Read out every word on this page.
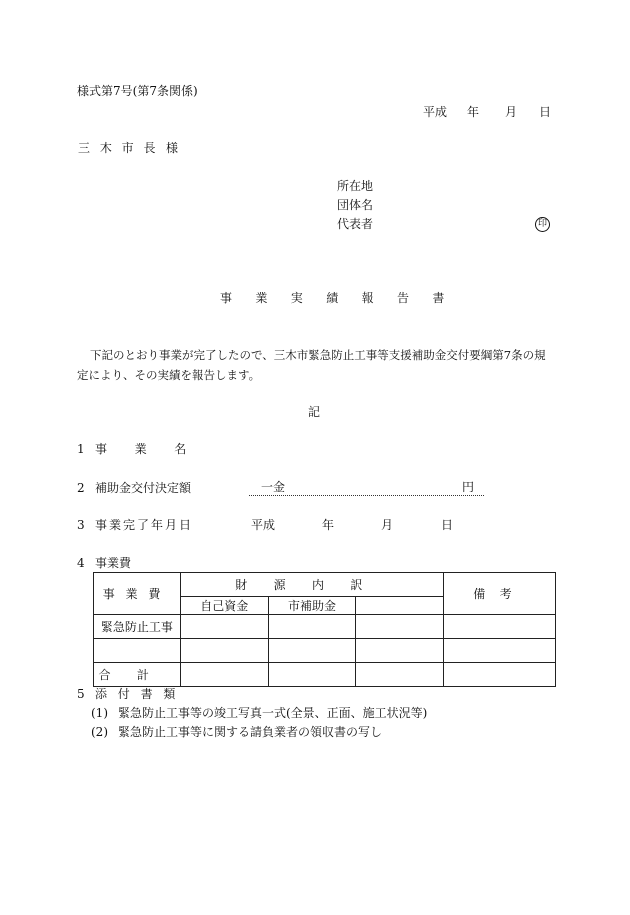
様式第7号(第7条関係)
平成 年 月 日
三 木 市 長 様
所在地
団体名
代表者	印
事業実績報告書
下記のとおり事業が完了したので、三木市緊急防止工事等支援補助金交付要綱第7条の規
定により、その実績を報告します。
記
1 事業名
2 補助金交付決定額	一金	円
3 事業完了年月日	平成	年	月	日
4 事業費
事業費	財源内訳			備考
	自己資金	市補助金		
緊急防止工事				

合計				
5 添付書類
(1) 緊急防止工事等の竣工写真一式(全景、正面、施工状況等)
(2) 緊急防止工事等に関する請負業者の領収書の写し
